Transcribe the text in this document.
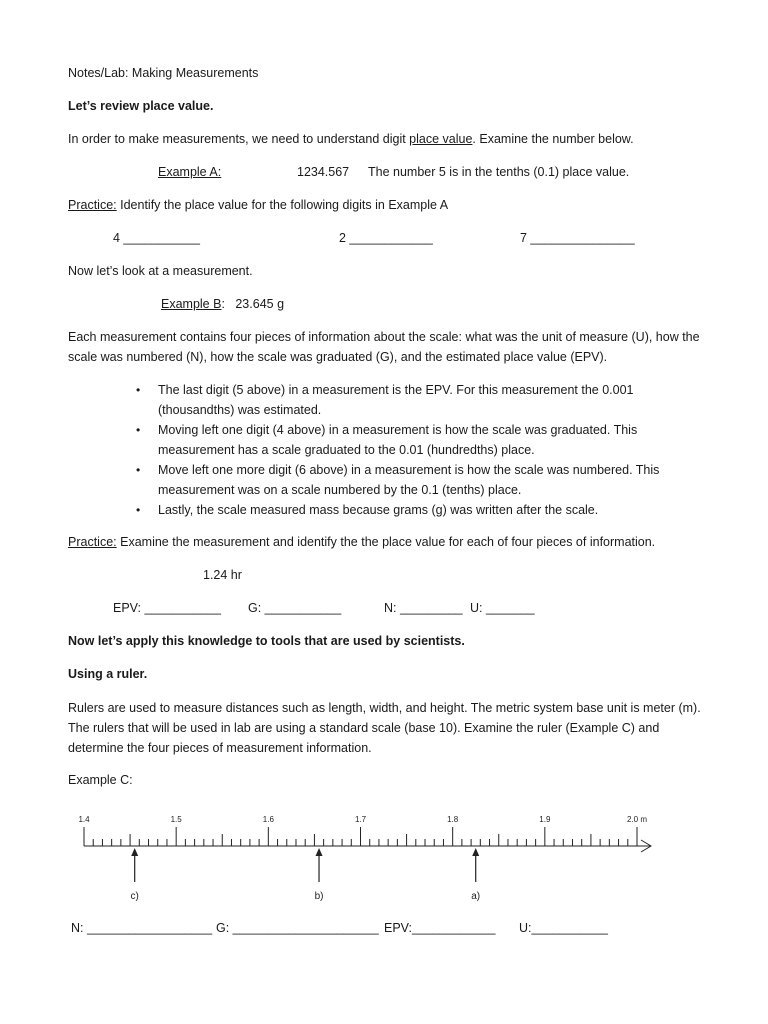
Notes/Lab: Making Measurements
Let’s review place value.
In order to make measurements, we need to understand digit place value. Examine the number below.
Example A:	1234.567 The number 5 is in the tenths (0.1) place value.
Practice: Identify the place value for the following digits in Example A
4 ___________	2 ____________	7 _______________
Now let’s look at a measurement.
Example B: 23.645 g
Each measurement contains four pieces of information about the scale: what was the unit of measure (U), how the scale was numbered (N), how the scale was graduated (G), and the estimated place value (EPV).
• The last digit (5 above) in a measurement is the EPV. For this measurement the 0.001 (thousandths) was estimated.
• Moving left one digit (4 above) in a measurement is how the scale was graduated. This measurement has a scale graduated to the 0.01 (hundredths) place.
• Move left one more digit (6 above) in a measurement is how the scale was numbered. This measurement was on a scale numbered by the 0.1 (tenths) place.
• Lastly, the scale measured mass because grams (g) was written after the scale.
Practice: Examine the measurement and identify the the place value for each of four pieces of information.
1.24 hr
EPV: ___________ G: ___________	N: _________ U: _______
Now let’s apply this knowledge to tools that are used by scientists.
Using a ruler.
Rulers are used to measure distances such as length, width, and height. The metric system base unit is meter (m). The rulers that will be used in lab are using a standard scale (base 10). Examine the ruler (Example C) and determine the four pieces of measurement information.
Example C:
1.4	1.5	1.6	1.7	1.8	1.9	2.0 m
c)	b)	a)
N: __________________ G: _____________________ EPV:____________ U:___________
